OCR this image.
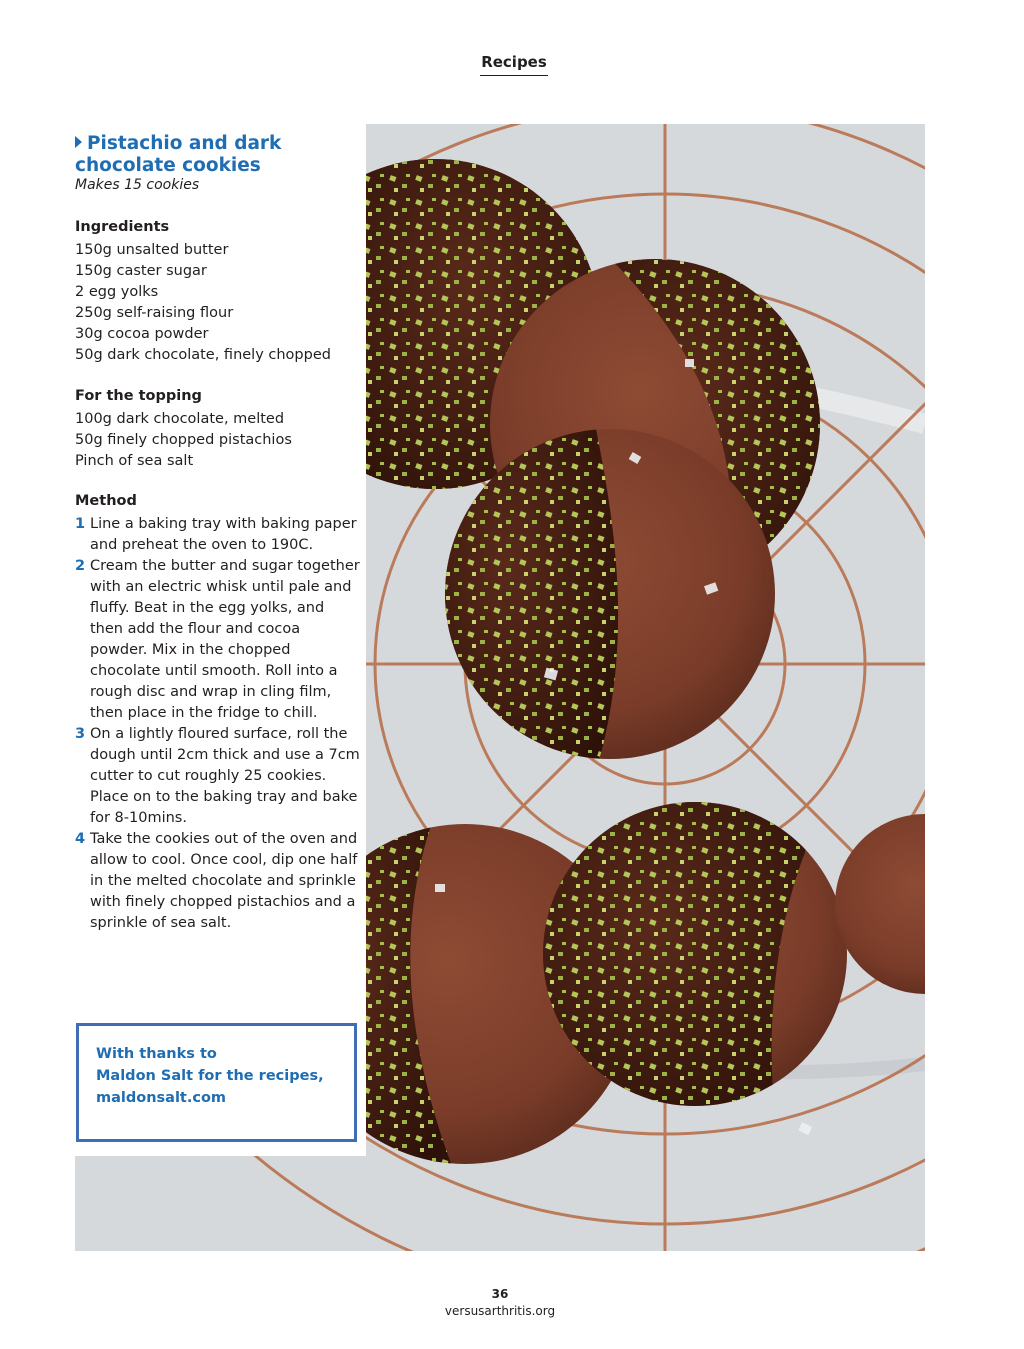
Recipes
Pistachio and dark chocolate cookies
Makes 15 cookies
Ingredients
150g unsalted butter
150g caster sugar
2 egg yolks
250g self-raising flour
30g cocoa powder
50g dark chocolate, finely chopped
For the topping
100g dark chocolate, melted
50g finely chopped pistachios
Pinch of sea salt
Method
1 Line a baking tray with baking paper and preheat the oven to 190C.
2 Cream the butter and sugar together with an electric whisk until pale and fluffy. Beat in the egg yolks, and then add the flour and cocoa powder. Mix in the chopped chocolate until smooth. Roll into a rough disc and wrap in cling film, then place in the fridge to chill.
3 On a lightly floured surface, roll the dough until 2cm thick and use a 7cm cutter to cut roughly 25 cookies. Place on to the baking tray and bake for 8-10mins.
4 Take the cookies out of the oven and allow to cool. Once cool, dip one half in the melted chocolate and sprinkle with finely chopped pistachios and a sprinkle of sea salt.
With thanks to
Maldon Salt for the recipes,
maldonsalt.com
36
versusarthritis.org
